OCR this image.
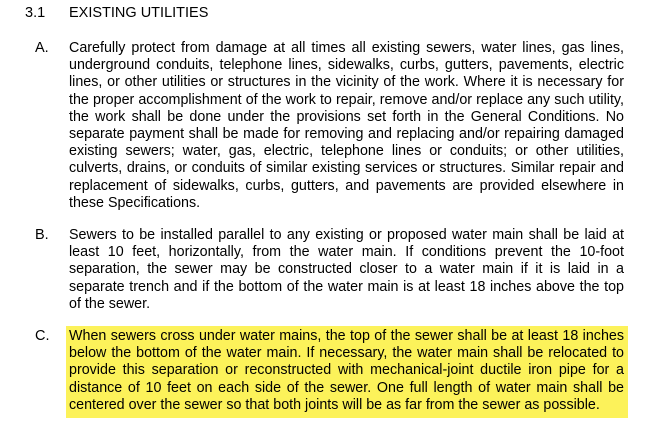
3.1 EXISTING UTILITIES
A. Carefully protect from damage at all times all existing sewers, water lines, gas lines, underground conduits, telephone lines, sidewalks, curbs, gutters, pavements, electric lines, or other utilities or structures in the vicinity of the work. Where it is necessary for the proper accomplishment of the work to repair, remove and/or replace any such utility, the work shall be done under the provisions set forth in the General Conditions. No separate payment shall be made for removing and replacing and/or repairing damaged existing sewers; water, gas, electric, telephone lines or conduits; or other utilities, culverts, drains, or conduits of similar existing services or structures. Similar repair and replacement of sidewalks, curbs, gutters, and pavements are provided elsewhere in these Specifications.

B. Sewers to be installed parallel to any existing or proposed water main shall be laid at least 10 feet, horizontally, from the water main. If conditions prevent the 10-foot separation, the sewer may be constructed closer to a water main if it is laid in a separate trench and if the bottom of the water main is at least 18 inches above the top of the sewer.

C. When sewers cross under water mains, the top of the sewer shall be at least 18 inches below the bottom of the water main. If necessary, the water main shall be relocated to provide this separation or reconstructed with mechanical-joint ductile iron pipe for a distance of 10 feet on each side of the sewer. One full length of water main shall be centered over the sewer so that both joints will be as far from the sewer as possible.
